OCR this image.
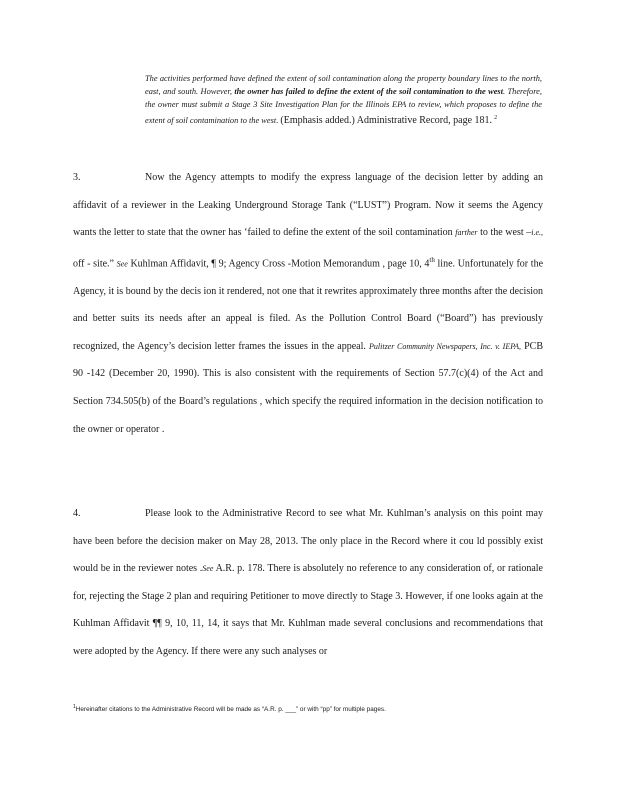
The activities performed have defined the extent of soil contamination along the property boundary lines to the north, east, and south. However, the owner has failed to define the extent of the soil contamination to the west. Therefore, the owner must submit a Stage 3 Site Investigation Plan for the Illinois EPA to review, which proposes to define the extent of soil contamination to the west. (Emphasis added.) Administrative Record, page 181. $^2$
3.	Now the Agency attempts to modify the express language of the decision letter by adding an affidavit of a reviewer in the Leaking Underground Storage Tank (“LUST”) Program. Now it seems the Agency wants the letter to state that the owner has ‘failed to define the extent of the soil contamination farther to the west –i.e., off - site.” See Kuhlman Affidavit, ¶ 9; Agency Cross -Motion Memorandum , page 10, 4th line. Unfortunately for the Agency, it is bound by the decis ion it rendered, not one that it rewrites approximately three months after the decision and better suits its needs after an appeal is filed. As the Pollution Control Board (“Board”) has previously recognized, the Agency’s decision letter frames the issues in the appeal. Pulitzer Community Newspapers, Inc. v. IEPA, PCB 90 -142 (December 20, 1990). This is also consistent with the requirements of Section 57.7(c)(4) of the Act and Section 734.505(b) of the Board’s regulations , which specify the required information in the decision notification to the owner or operator .
4.	Please look to the Administrative Record to see what Mr. Kuhlman’s analysis on this point may have been before the decision maker on May 28, 2013. The only place in the Record where it cou ld possibly exist would be in the reviewer notes .See A.R. p. 178. There is absolutely no reference to any consideration of, or rationale for, rejecting the Stage 2 plan and requiring Petitioner to move directly to Stage 3. However, if one looks again at the Kuhlman Affidavit ¶¶ 9, 10, 11, 14, it says that Mr. Kuhlman made several conclusions and recommendations that were adopted by the Agency. If there were any such analyses or
$^1$Hereinafter citations to the Administrative Record will be made as “A.R. p. ___” or with “pp” for multiple pages.
